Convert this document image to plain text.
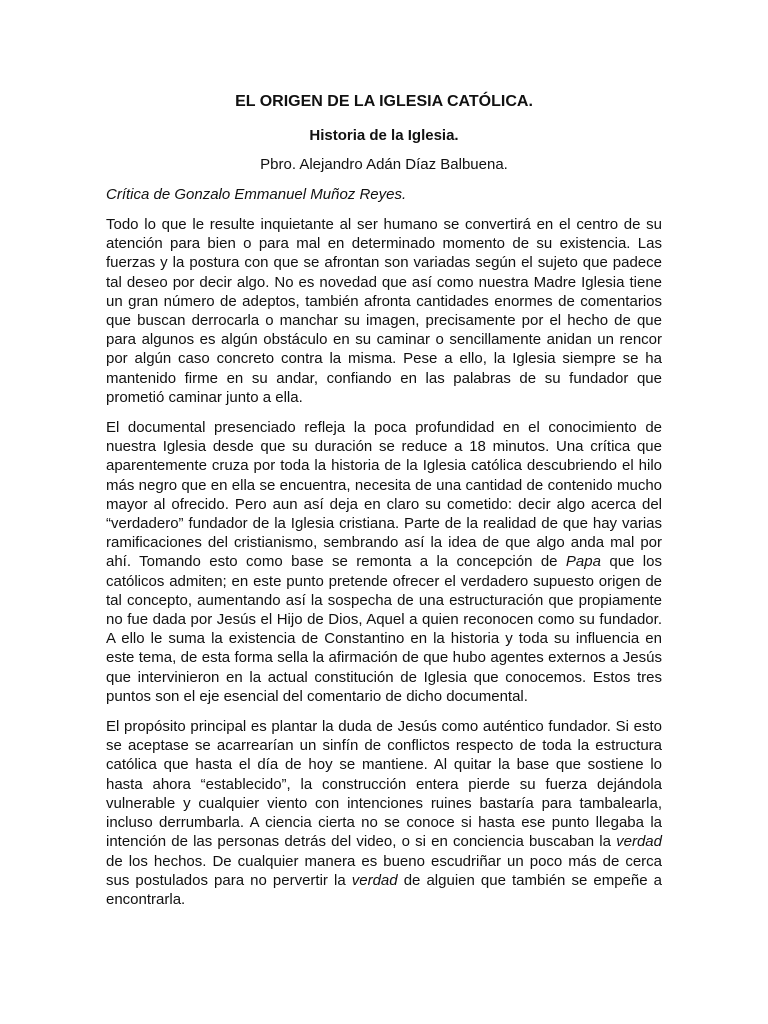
EL ORIGEN DE LA IGLESIA CATÓLICA.
Historia de la Iglesia.
Pbro. Alejandro Adán Díaz Balbuena.
Crítica de Gonzalo Emmanuel Muñoz Reyes.

Todo lo que le resulte inquietante al ser humano se convertirá en el centro de su atención para bien o para mal en determinado momento de su existencia. Las fuerzas y la postura con que se afrontan son variadas según el sujeto que padece tal deseo por decir algo. No es novedad que así como nuestra Madre Iglesia tiene un gran número de adeptos, también afronta cantidades enormes de comentarios que buscan derrocarla o manchar su imagen, precisamente por el hecho de que para algunos es algún obstáculo en su caminar o sencillamente anidan un rencor por algún caso concreto contra la misma. Pese a ello, la Iglesia siempre se ha mantenido firme en su andar, confiando en las palabras de su fundador que prometió caminar junto a ella.

El documental presenciado refleja la poca profundidad en el conocimiento de nuestra Iglesia desde que su duración se reduce a 18 minutos. Una crítica que aparentemente cruza por toda la historia de la Iglesia católica descubriendo el hilo más negro que en ella se encuentra, necesita de una cantidad de contenido mucho mayor al ofrecido. Pero aun así deja en claro su cometido: decir algo acerca del “verdadero” fundador de la Iglesia cristiana. Parte de la realidad de que hay varias ramificaciones del cristianismo, sembrando así la idea de que algo anda mal por ahí. Tomando esto como base se remonta a la concepción de Papa que los católicos admiten; en este punto pretende ofrecer el verdadero supuesto origen de tal concepto, aumentando así la sospecha de una estructuración que propiamente no fue dada por Jesús el Hijo de Dios, Aquel a quien reconocen como su fundador. A ello le suma la existencia de Constantino en la historia y toda su influencia en este tema, de esta forma sella la afirmación de que hubo agentes externos a Jesús que intervinieron en la actual constitución de Iglesia que conocemos. Estos tres puntos son el eje esencial del comentario de dicho documental.

El propósito principal es plantar la duda de Jesús como auténtico fundador. Si esto se aceptase se acarrearían un sinfín de conflictos respecto de toda la estructura católica que hasta el día de hoy se mantiene. Al quitar la base que sostiene lo hasta ahora “establecido”, la construcción entera pierde su fuerza dejándola vulnerable y cualquier viento con intenciones ruines bastaría para tambalearla, incluso derrumbarla. A ciencia cierta no se conoce si hasta ese punto llegaba la intención de las personas detrás del video, o si en conciencia buscaban la verdad de los hechos. De cualquier manera es bueno escudriñar un poco más de cerca sus postulados para no pervertir la verdad de alguien que también se empeñe a encontrarla.
